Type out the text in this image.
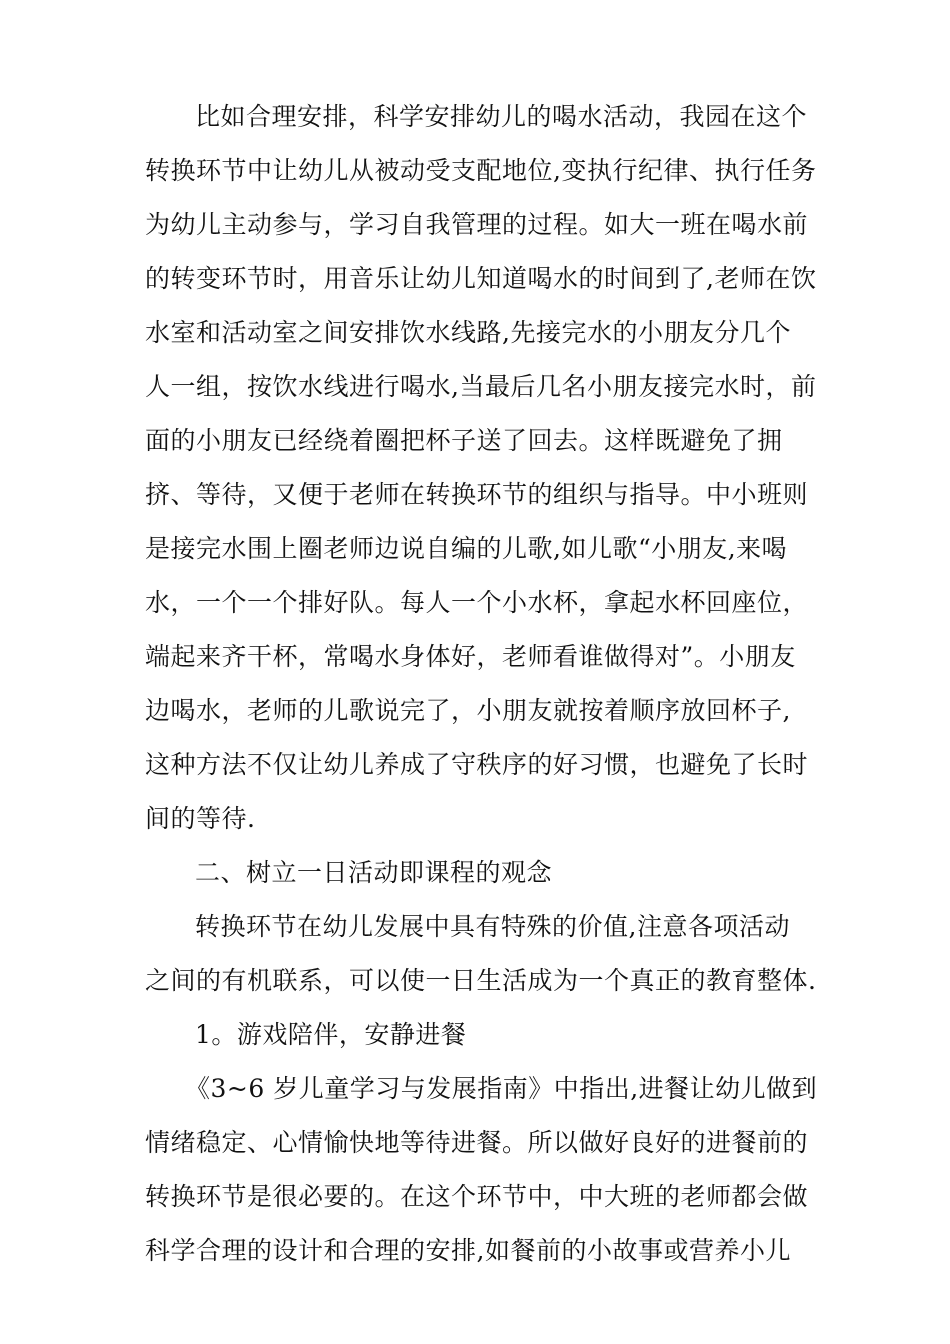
比如合理安排，科学安排幼儿的喝水活动，我园在这个
转换环节中让幼儿从被动受支配地位,变执行纪律、执行任务
为幼儿主动参与，学习自我管理的过程。如大一班在喝水前
的转变环节时，用音乐让幼儿知道喝水的时间到了,老师在饮
水室和活动室之间安排饮水线路,先接完水的小朋友分几个
人一组，按饮水线进行喝水,当最后几名小朋友接完水时，前
面的小朋友已经绕着圈把杯子送了回去。这样既避免了拥
挤、等待，又便于老师在转换环节的组织与指导。中小班则
是接完水围上圈老师边说自编的儿歌,如儿歌“小朋友,来喝
水，一个一个排好队。每人一个小水杯，拿起水杯回座位，
端起来齐干杯，常喝水身体好，老师看谁做得对”。小朋友
边喝水，老师的儿歌说完了，小朋友就按着顺序放回杯子,
这种方法不仅让幼儿养成了守秩序的好习惯，也避免了长时
间的等待.
二、树立一日活动即课程的观念
转换环节在幼儿发展中具有特殊的价值,注意各项活动
之间的有机联系，可以使一日生活成为一个真正的教育整体.
1。游戏陪伴，安静进餐
《3~6 岁儿童学习与发展指南》中指出,进餐让幼儿做到
情绪稳定、心情愉快地等待进餐。所以做好良好的进餐前的
转换环节是很必要的。在这个环节中，中大班的老师都会做
科学合理的设计和合理的安排,如餐前的小故事或营养小儿
